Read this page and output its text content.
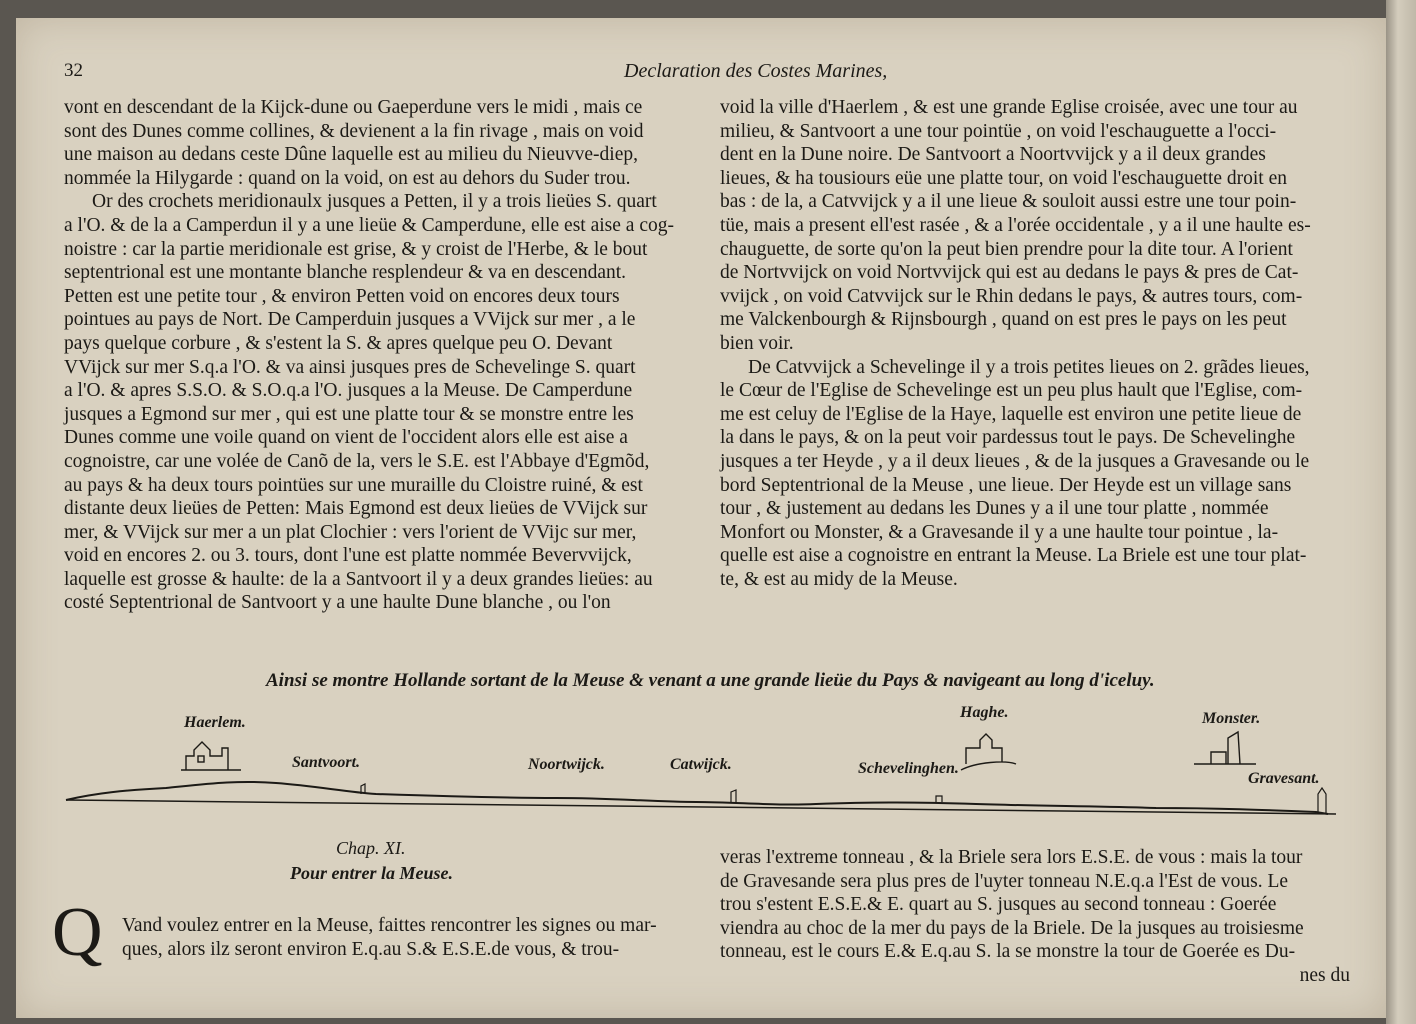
32	Declaration des Costes Marines,
vont en descendant de la Kijck-dune ou Gaeperdune vers le midi , mais ce
sont des Dunes comme collines, & devienent a la fin rivage , mais on void
une maison au dedans ceste Dûne laquelle est au milieu du Nieuvve-diep,
nommée la Hilygarde : quand on la void, on est au dehors du Suder trou.
Or des crochets meridionaulx jusques a Petten, il y a trois lieües S. quart
a l'O. & de la a Camperdun il y a une lieüe & Camperdune, elle est aise a cog-
noistre : car la partie meridionale est grise, & y croist de l'Herbe, & le bout
septentrional est une montante blanche resplendeur & va en descendant.
Petten est une petite tour , & environ Petten void on encores deux tours
pointues au pays de Nort. De Camperduin jusques a VVijck sur mer , a le
pays quelque corbure , & s'estent la S. & apres quelque peu O. Devant
VVijck sur mer S.q.a l'O. & va ainsi jusques pres de Schevelinge S. quart
a l'O. & apres S.S.O. & S.O.q.a l'O. jusques a la Meuse. De Camperdune
jusques a Egmond sur mer , qui est une platte tour & se monstre entre les
Dunes comme une voile quand on vient de l'occident alors elle est aise a
cognoistre, car une volée de Canõ de la, vers le S.E. est l'Abbaye d'Egmõd,
au pays & ha deux tours pointües sur une muraille du Cloistre ruiné, & est
distante deux lieües de Petten: Mais Egmond est deux lieües de VVijck sur
mer, & VVijck sur mer a un plat Clochier : vers l'orient de VVijc sur mer,
void en encores 2. ou 3. tours, dont l'une est platte nommée Bevervvijck,
laquelle est grosse & haulte: de la a Santvoort il y a deux grandes lieües: au
costé Septentrional de Santvoort y a une haulte Dune blanche , ou l'on
void la ville d'Haerlem , & est une grande Eglise croisée, avec une tour au
milieu, & Santvoort a une tour pointüe , on void l'eschauguette a l'occi-
dent en la Dune noire. De Santvoort a Noortvvijck y a il deux grandes
lieues, & ha tousiours eüe une platte tour, on void l'eschauguette droit en
bas : de la, a Catvvijck y a il une lieue & souloit aussi estre une tour poin-
tüe, mais a present ell'est rasée , & a l'orée occidentale , y a il une haulte es-
chauguette, de sorte qu'on la peut bien prendre pour la dite tour. A l'orient
de Nortvvijck on void Nortvvijck qui est au dedans le pays & pres de Cat-
vvijck , on void Catvvijck sur le Rhin dedans le pays, & autres tours, com-
me Valckenbourgh & Rijnsbourgh , quand on est pres le pays on les peut
bien voir.
De Catvvijck a Schevelinge il y a trois petites lieues on 2. grãdes lieues,
le Cœur de l'Eglise de Schevelinge est un peu plus hault que l'Eglise, com-
me est celuy de l'Eglise de la Haye, laquelle est environ une petite lieue de
la dans le pays, & on la peut voir pardessus tout le pays. De Schevelinghe
jusques a ter Heyde , y a il deux lieues , & de la jusques a Gravesande ou le
bord Septentrional de la Meuse , une lieue. Der Heyde est un village sans
tour , & justement au dedans les Dunes y a il une tour platte , nommée
Monfort ou Monster, & a Gravesande il y a une haulte tour pointue , la-
quelle est aise a cognoistre en entrant la Meuse. La Briele est une tour plat-
te, & est au midy de la Meuse.
Ainsi se montre Hollande sortant de la Meuse & venant a une grande lieüe du Pays & navigeant au long d'iceluy.
Haerlem.
Santvoort.	Noortwijck.	Catwijck.
Haghe.
Schevelinghen.
Monster.
Gravesant.
Chap. XI.
Pour entrer la Meuse.
Q Vand voulez entrer en la Meuse, faittes rencontrer les signes ou mar-
ques, alors ilz seront environ E.q.au S.& E.S.E.de vous, & trou-
veras l'extreme tonneau , & la Briele sera lors E.S.E. de vous : mais la tour
de Gravesande sera plus pres de l'uyter tonneau N.E.q.a l'Est de vous. Le
trou s'estent E.S.E.& E. quart au S. jusques au second tonneau : Goerée
viendra au choc de la mer du pays de la Briele. De la jusques au troisiesme
tonneau, est le cours E.& E.q.au S. la se monstre la tour de Goerée es Du-
nes du
